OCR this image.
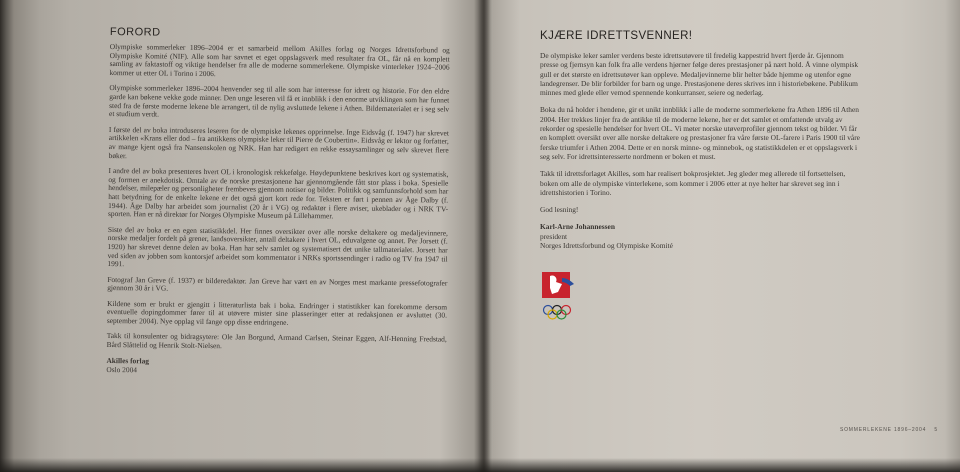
FORORD

Olympiske sommerleker 1896–2004 er et samarbeid mellom Akilles forlag og Norges Idrettsforbund og Olympiske Komité (NIF). Alle som har savnet et eget oppslagsverk med resultater fra OL, får nå en komplett samling av faktastoff og viktige hendelser fra alle de moderne sommerlekene. Olympiske vinterleker 1924–2006 kommer ut etter OL i Torino i 2006.

Olympiske sommerleker 1896–2004 henvender seg til alle som har interesse for idrett og historie. For den eldre garde kan bøkene vekke gode minner. Den unge leseren vil få et innblikk i den enorme utviklingen som har funnet sted fra de første moderne lekene ble arrangert, til de nylig avsluttede lekene i Athen. Bildematerialet er i seg selv et studium verdt.

I første del av boka introduseres leseren for de olympiske lekenes opprinnelse. Inge Eidsvåg (f. 1947) har skrevet artikkelen «Krans eller dod – fra antikkens olympiske leker til Pierre de Coubertin». Eidsvåg er lektor og forfatter, av mange kjent også fra Nansenskolen og NRK. Han har redigert en rekke essaysamlinger og selv skrevet flere bøker.

I andre del av boka presenteres hvert OL i kronologisk rekkefølge. Høydepunktene beskrives kort og systematisk, og formen er anekdotisk. Omtale av de norske prestasjonene har gjennomgående fått stor plass i boka. Spesielle hendelser, milepæler og personligheter frembeves gjennom notiser og bilder. Politikk og samfunnsforhold som har hatt betydning for de enkelte lekene er det også gjort kort rede for. Teksten er ført i pennen av Åge Dalby (f. 1944). Åge Dalby har arbeidet som journalist (20 år i VG) og redaktør i flere aviser, ukeblader og i NRK TV-sporten. Han er nå direktør for Norges Olympiske Museum på Lillehammer.

Siste del av boka er en egen statistikkdel. Her finnes oversikter over alle norske deltakere og medaljevinnere, norske medaljer fordelt på grener, landsoversikter, antall deltakere i hvert OL, eduvalgene og annet. Per Jorsett (f. 1920) har skrevet denne delen av boka. Han har selv samlet og systematisert det unike tallmaterialet. Jorsett har ved siden av jobben som kontorsjef arbeidet som kommentator i NRKs sportssendinger i radio og TV fra 1947 til 1991.

Fotograf Jan Greve (f. 1937) er bilderedaktør. Jan Greve har vært en av Norges mest markante pressefotografer gjennom 30 år i VG.

Kildene som er brukt er gjengitt i litteraturlista bak i boka. Endringer i statistikker kan forekomme dersom eventuelle dopingdommer fører til at utøvere mister sine plasseringer etter at redaksjonen er avsluttet (30. september 2004). Nye opplag vil fange opp disse endringene.

Takk til konsulenter og bidragsytere: Ole Jan Borgund, Armand Carlsen, Steinar Eggen, Alf-Henning Fredstad, Bård Slåttelid og Henrik Stolt-Nielsen.

Akilles forlag
Oslo 2004
KJÆRE IDRETTSVENNER!

De olympiske leker samler verdens beste idrettsutøvere til fredelig kappestrid hvert fjerde år. Gjennom presse og fjernsyn kan folk fra alle verdens hjørner følge deres prestasjoner på nært hold. Å vinne olympisk gull er det største en idrettsutøver kan oppleve. Medaljevinnerne blir helter både hjemme og utenfor egne landegrenser. De blir forbilder for barn og unge. Prestasjonene deres skrives inn i historiebøkene. Publikum minnes med glede eller vemod spennende konkurranser, seiere og nederlag.

Boka du nå holder i hendene, gir et unikt innblikk i alle de moderne sommerlekene fra Athen 1896 til Athen 2004. Her trekkes linjer fra de antikke til de moderne lekene, her er det samlet et omfattende utvalg av rekorder og spesielle hendelser for hvert OL. Vi møter norske utøverprofiler gjennom tekst og bilder. Vi får en komplett oversikt over alle norske deltakere og prestasjoner fra våre første OL-farere i Paris 1900 til våre ferske triumfer i Athen 2004. Dette er en norsk minne- og minnebok, og statistikkdelen er et oppslagsverk i seg selv. For idrettsinteresserte nordmenn er boken et must.

Takk til idrettsforlaget Akilles, som har realisert bokprosjektet. Jeg gleder meg allerede til fortsettelsen, boken om alle de olympiske vinterlekene, som kommer i 2006 etter at nye helter har skrevet seg inn i idrettshistorien i Torino.

God lesning!

Karl-Arne Johannessen
president
Norges Idrettsforbund og Olympiske Komité
SOMMERLEKENE 1896–2004 5
